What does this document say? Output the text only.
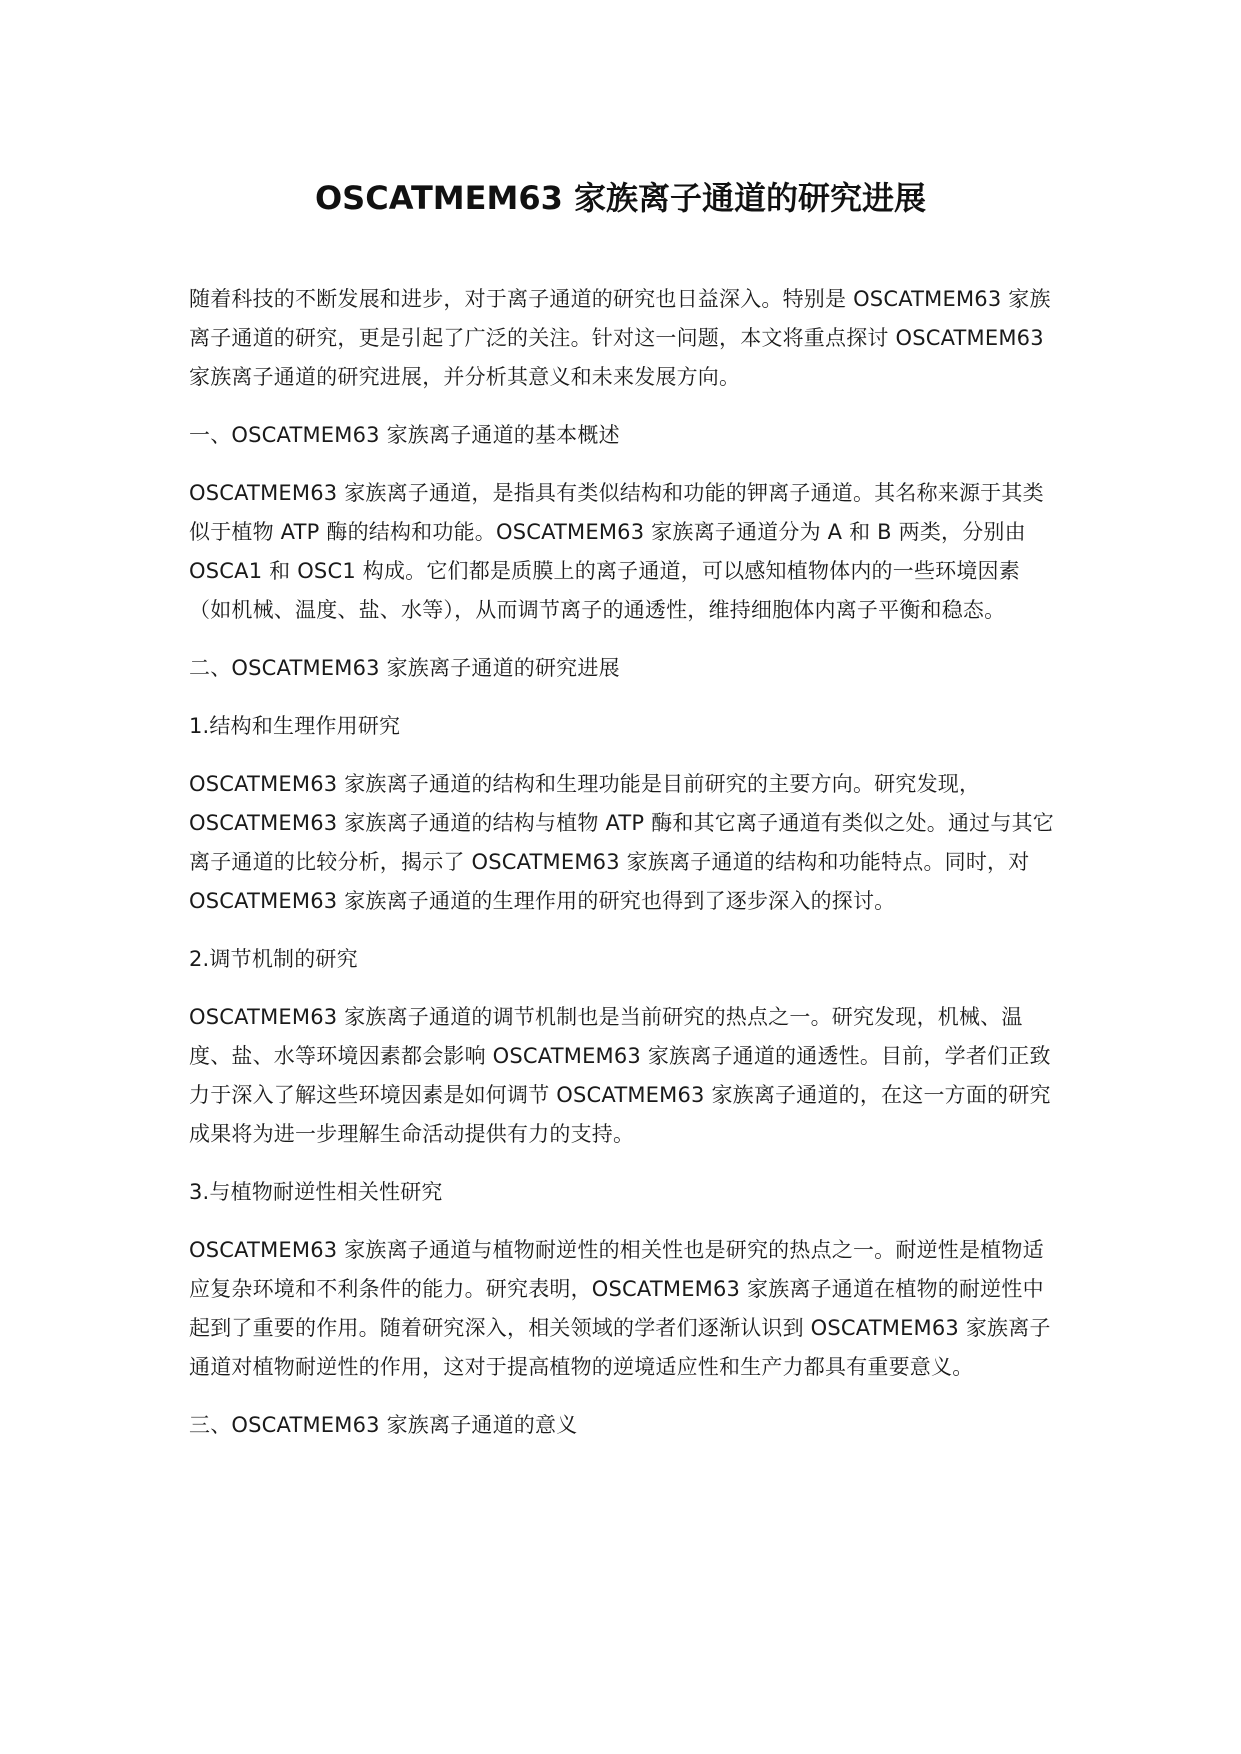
OSCATMEM63 家族离子通道的研究进展

随着科技的不断发展和进步，对于离子通道的研究也日益深入。特别是 OSCATMEM63 家族离子通道的研究，更是引起了广泛的关注。针对这一问题，本文将重点探讨 OSCATMEM63 家族离子通道的研究进展，并分析其意义和未来发展方向。

一、OSCATMEM63 家族离子通道的基本概述

OSCATMEM63 家族离子通道，是指具有类似结构和功能的钾离子通道。其名称来源于其类似于植物 ATP 酶的结构和功能。OSCATMEM63 家族离子通道分为 A 和 B 两类，分别由 OSCA1 和 OSC1 构成。它们都是质膜上的离子通道，可以感知植物体内的一些环境因素（如机械、温度、盐、水等），从而调节离子的通透性，维持细胞体内离子平衡和稳态。

二、OSCATMEM63 家族离子通道的研究进展

1.结构和生理作用研究

OSCATMEM63 家族离子通道的结构和生理功能是目前研究的主要方向。研究发现，OSCATMEM63 家族离子通道的结构与植物 ATP 酶和其它离子通道有类似之处。通过与其它离子通道的比较分析，揭示了 OSCATMEM63 家族离子通道的结构和功能特点。同时，对 OSCATMEM63 家族离子通道的生理作用的研究也得到了逐步深入的探讨。

2.调节机制的研究

OSCATMEM63 家族离子通道的调节机制也是当前研究的热点之一。研究发现，机械、温度、盐、水等环境因素都会影响 OSCATMEM63 家族离子通道的通透性。目前，学者们正致力于深入了解这些环境因素是如何调节 OSCATMEM63 家族离子通道的，在这一方面的研究成果将为进一步理解生命活动提供有力的支持。

3.与植物耐逆性相关性研究

OSCATMEM63 家族离子通道与植物耐逆性的相关性也是研究的热点之一。耐逆性是植物适应复杂环境和不利条件的能力。研究表明，OSCATMEM63 家族离子通道在植物的耐逆性中起到了重要的作用。随着研究深入，相关领域的学者们逐渐认识到 OSCATMEM63 家族离子通道对植物耐逆性的作用，这对于提高植物的逆境适应性和生产力都具有重要意义。

三、OSCATMEM63 家族离子通道的意义
